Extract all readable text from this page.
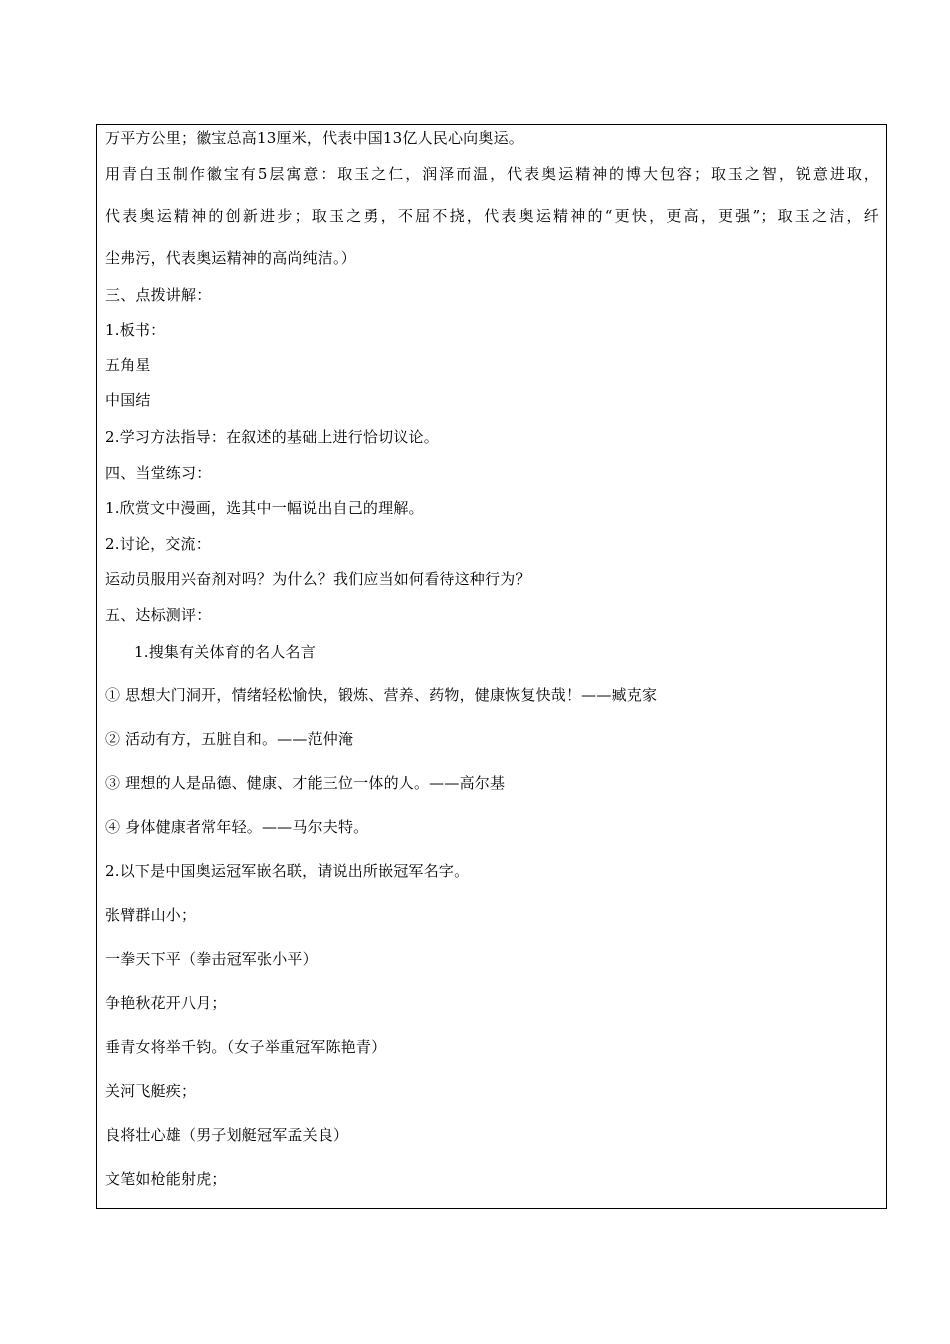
万平方公里；徽宝总高13厘米，代表中国13亿人民心向奥运。
用青白玉制作徽宝有5层寓意：取玉之仁，润泽而温，代表奥运精神的博大包容；取玉之智，锐意进取，
代表奥运精神的创新进步；取玉之勇，不屈不挠，代表奥运精神的“更快，更高，更强”；取玉之洁，纤
尘弗污，代表奥运精神的高尚纯洁。）
三、点拨讲解：
1.板书：
五角星
中国结
2.学习方法指导：在叙述的基础上进行恰切议论。
四、当堂练习：
1.欣赏文中漫画，选其中一幅说出自己的理解。
2.讨论，交流：
运动员服用兴奋剂对吗？为什么？我们应当如何看待这种行为？
五、达标测评：
1.搜集有关体育的名人名言
① 思想大门洞开，情绪轻松愉快，锻炼、营养、药物，健康恢复快哉！——臧克家
② 活动有方，五脏自和。——范仲淹
③ 理想的人是品德、健康、才能三位一体的人。——高尔基
④ 身体健康者常年轻。——马尔夫特。
2.以下是中国奥运冠军嵌名联，请说出所嵌冠军名字。
张臂群山小；
一拳天下平（拳击冠军张小平）
争艳秋花开八月；
垂青女将举千钧。（女子举重冠军陈艳青）
关河飞艇疾；
良将壮心雄（男子划艇冠军孟关良）
文笔如枪能射虎；
